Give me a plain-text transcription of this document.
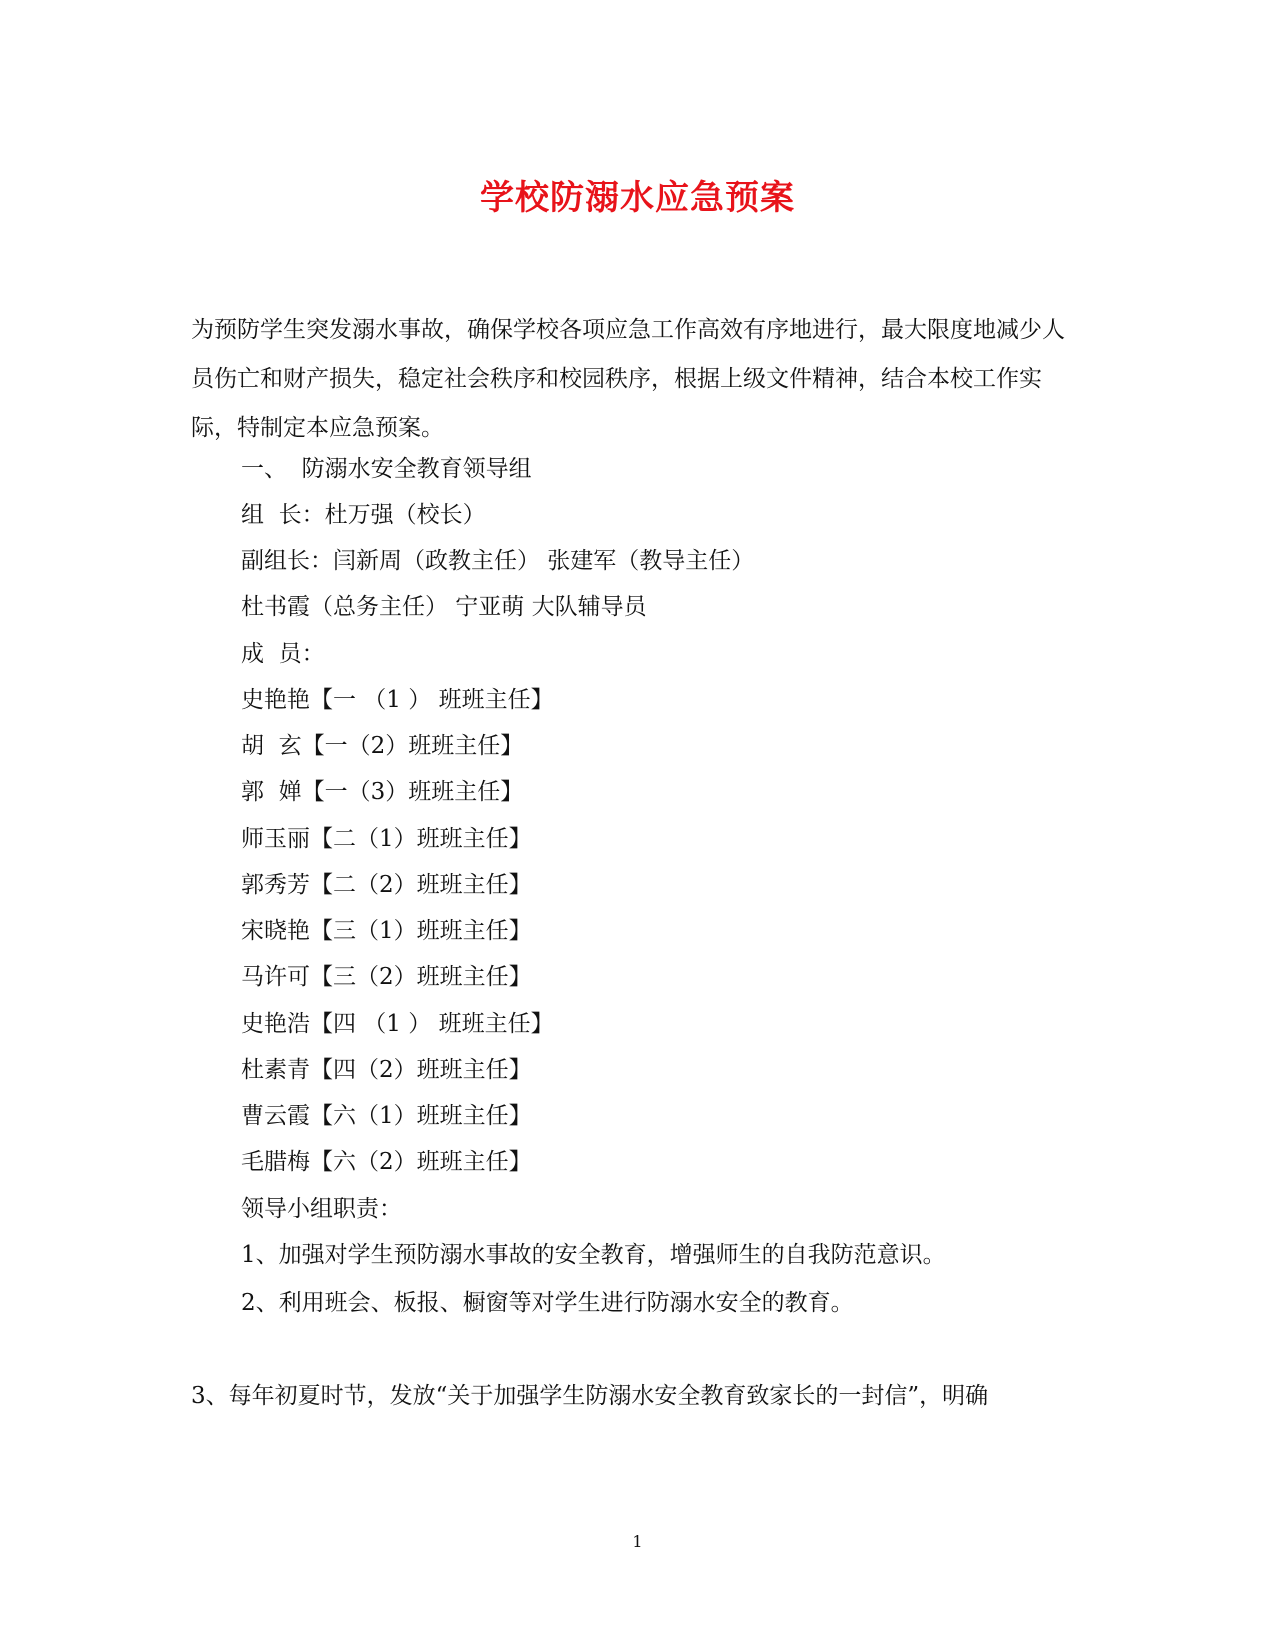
学校防溺水应急预案

为预防学生突发溺水事故，确保学校各项应急工作高效有序地进行，最大限度地减少人员伤亡和财产损失，稳定社会秩序和校园秩序，根据上级文件精神，结合本校工作实际，特制定本应急预案。

一、  防溺水安全教育领导组
组  长：杜万强（校长）
副组长：闫新周（政教主任） 张建军（教导主任）
杜书霞（总务主任） 宁亚萌 大队辅导员
成  员：
史艳艳【一 （1 ） 班班主任】
胡  玄【一（2）班班主任】
郭  婵【一（3）班班主任】
师玉丽【二（1）班班主任】
郭秀芳【二（2）班班主任】
宋晓艳【三（1）班班主任】
马许可【三（2）班班主任】
史艳浩【四 （1 ） 班班主任】
杜素青【四（2）班班主任】
曹云霞【六（1）班班主任】
毛腊梅【六（2）班班主任】
领导小组职责：
1、加强对学生预防溺水事故的安全教育，增强师生的自我防范意识。
2、利用班会、板报、橱窗等对学生进行防溺水安全的教育。
3、每年初夏时节，发放“关于加强学生防溺水安全教育致家长的一封信”，明确
1
